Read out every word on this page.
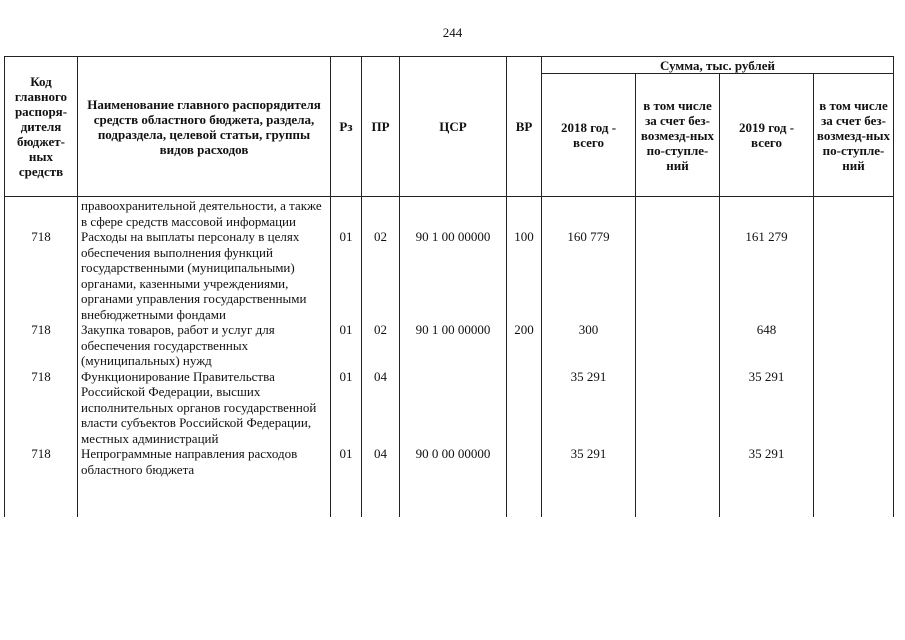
244
Код главного распоря-дителя бюджет-ных средств	Наименование главного распорядителя средств областного бюджета, раздела, подраздела, целевой статьи, группы видов расходов	Рз	ПР	ЦСР	ВР	Сумма, тыс. рублей			
						2018 год - всего	в том числе за счет без-возмезд-ных по-ступле-ний	2019 год - всего	в том числе за счет без-возмезд-ных по-ступле-ний
	правоохранительной деятельности, а также в сфере средств массовой информации								
718	Расходы на выплаты персоналу в целях обеспечения выполнения функций государственными (муниципальными) органами, казенными учреждениями, органами управления государственными внебюджетными фондами	01	02	90 1 00 00000	100	160 779		161 279	
718	Закупка товаров, работ и услуг для обеспечения государственных (муниципальных) нужд	01	02	90 1 00 00000	200	300		648	
718	Функционирование Правительства Российской Федерации, высших исполнительных органов государственной власти субъектов Российской Федерации, местных администраций	01	04			35 291		35 291	
718	Непрограммные направления расходов областного бюджета	01	04	90 0 00 00000		35 291		35 291	
